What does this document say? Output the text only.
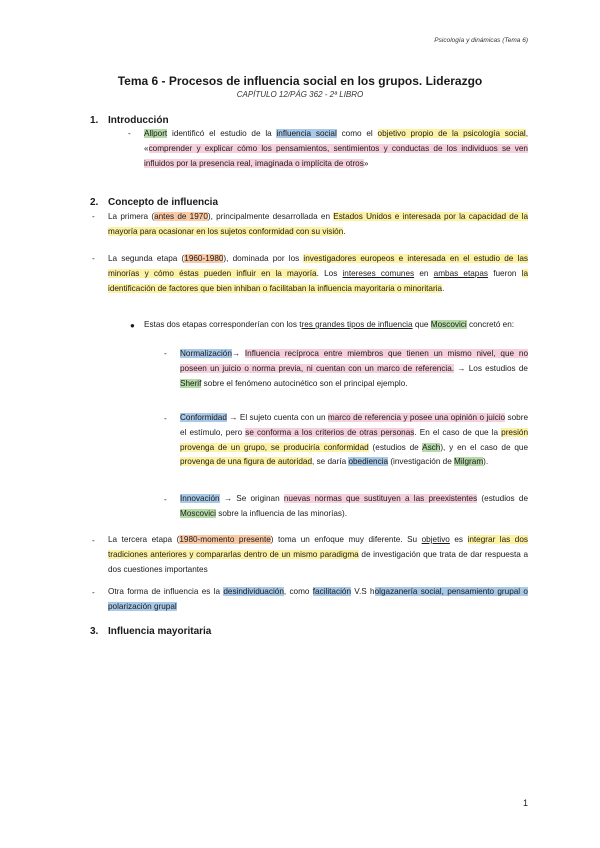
Psicología y dinámicas (Tema 6)
Tema 6 - Procesos de influencia social en los grupos. Liderazgo
CAPÍTULO 12/PÁG 362 - 2ª LIBRO
1. Introducción
- Allport identificó el estudio de la influencia social como el objetivo propio de la psicología social, «comprender y explicar cómo los pensamientos, sentimientos y conductas de los individuos se ven influidos por la presencia real, imaginada o implícita de otros»
2. Concepto de influencia
- La primera (antes de 1970), principalmente desarrollada en Estados Unidos e interesada por la capacidad de la mayoría para ocasionar en los sujetos conformidad con su visión.
- La segunda etapa (1960-1980), dominada por los investigadores europeos e interesada en el estudio de las minorías y cómo éstas pueden influir en la mayoría. Los intereses comunes en ambas etapas fueron la identificación de factores que bien inhiban o facilitaban la influencia mayoritaria o minoritaria.
● Estas dos etapas corresponderían con los tres grandes tipos de influencia que Moscovici concretó en:
- Normalización→ Influencia recíproca entre miembros que tienen un mismo nivel, que no poseen un juicio o norma previa, ni cuentan con un marco de referencia. → Los estudios de Sherif sobre el fenómeno autocinético son el principal ejemplo.
- Conformidad → El sujeto cuenta con un marco de referencia y posee una opinión o juicio sobre el estímulo, pero se conforma a los criterios de otras personas. En el caso de que la presión provenga de un grupo, se produciría conformidad (estudios de Asch), y en el caso de que provenga de una figura de autoridad, se daría obediencia (investigación de Milgram).
- Innovación → Se originan nuevas normas que sustituyen a las preexistentes (estudios de Moscovici sobre la influencia de las minorías).
- La tercera etapa (1980-momento presente) toma un enfoque muy diferente. Su objetivo es integrar las dos tradiciones anteriores y compararlas dentro de un mismo paradigma de investigación que trata de dar respuesta a dos cuestiones importantes
- Otra forma de influencia es la desindividuación, como facilitación V.S holgazanería social, pensamiento grupal o polarización grupal
3. Influencia mayoritaria
1
